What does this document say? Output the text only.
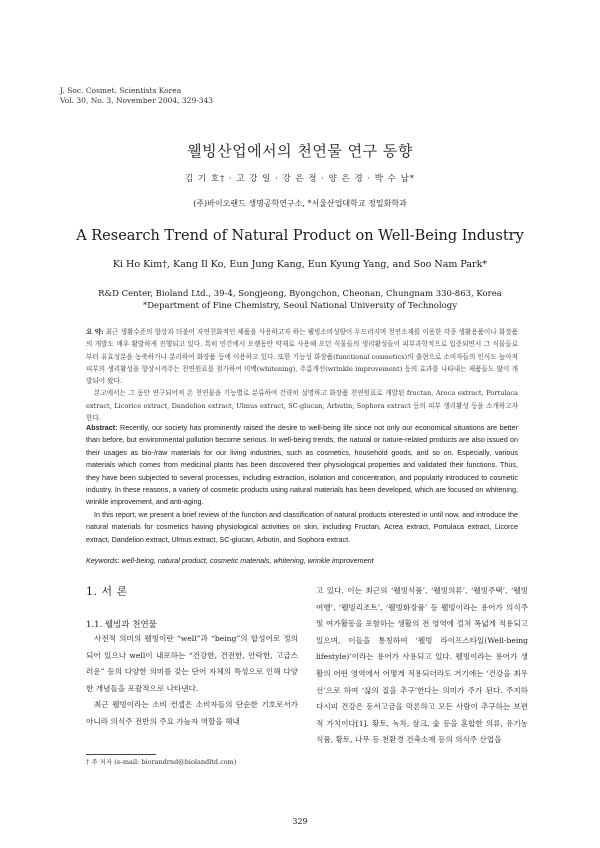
J. Soc. Cosmet. Scientists Korea
Vol. 30, No. 3, November 2004, 329-343
웰빙산업에서의 천연물 연구 동향
김 기 호† · 고 강 일 · 강 은 정 · 양 은 경 · 박 수 남*
(주)바이오랜드 생명공학연구소, *서울산업대학교 정밀화학과
A Research Trend of Natural Product on Well-Being Industry
Ki Ho Kim†, Kang Il Ko, Eun Jung Kang, Eun Kyung Yang, and Soo Nam Park*
R&D Center, Bioland Ltd., 39-4, Songjeong, Byongchon, Cheonan, Chungnam 330-863, Korea
*Department of Fine Chemistry, Seoul National University of Technology

요 약: 최근 생활수준의 향상과 더불어 자연친화적인 제품을 사용하고자 하는 웰빙소비성향이 두드러지며 천연소재를 이용한 각종 생활용품이나 화장품의 개발도 매우 활발하게 진행되고 있다. 특히 민간에서 오랫동안 약재로 사용해 오던 식물들의 생리활성들이 피부과학적으로 입증되면서 그 식물들로부터 유효성분을 농축하거나 분리하여 화장품 등에 이용하고 있다. 또한 기능성 화장품(functional cosmetics)의 출현으로 소비자들의 인식도 높아져 피부의 생리활성을 향상시켜주는 천연원료를 첨가하여 미백(whitening), 주름개선(wrinkle improvement) 등의 효과를 나타내는 제품들도 많이 개발되어 왔다.

본고에서는 그 동안 연구되어져 온 천연물을 기능별로 분류하여 간략히 설명하고 화장품 천연원료로 개발된 fructan, Areca extract, Portulaca extract, Licorice extract, Dandelion extract, Ulmus extract, SC-glucan, Arbutin, Sophora extract 등의 피부 생리활성 등을 소개하고자 한다.

Abstract: Recently, our society has prominently raised the desire to well-being life since not only our economical situations are better than before, but environmental pollution become serious. In well-being trends, the natural or nature-related products are also issued on their usages as bio-/raw materials for our living industries, such as cosmetics, household goods, and so on. Especially, various materials which comes from medicinal plants has been discovered their physiological properties and validated their functions. Thus, they have been subjected to several processes, including extraction, isolation and concentration, and popularly introduced to cosmetic industry. In these reasons, a variety of cosmetic products using natural materials has been developed, which are focused on whitening, wrinkle improvement, and anti-aging.

In this report, we present a brief review of the function and classification of natural products interested in until now, and introduce the natural materials for cosmetics having physiological activities on skin, including Fructan, Acrea extract, Portulaca extract, Licorce extract, Dandelion extract, Ulmus extract, SC-glucan, Arbutin, and Sophora extract.

Keywords: well-being, natural product, cosmetic materials, whitening, wrinkle improvement
1. 서 론
1.1. 웰빙과 천연물

사전적 의미의 웰빙이란 “well”과 “being”의 합성어로 정의되어 있으나 well이 내포하는 “건강한, 건전한, 안락한, 고급스러운” 등의 다양한 의미를 갖는 단어 자체의 특성으로 인해 다양한 개념들을 포괄적으로 나타낸다.

최근 웰빙이라는 소비 컨셉은 소비자들의 단순한 기호로서가 아니라 의식주 전반의 주요 가늠자 역할을 해내

고 있다. 이는 최근의 ‘웰빙식품’, ‘웰빙의류’, ‘웰빙주택’, ‘웰빙여행’, ‘웰빙리조트’, ‘웰빙화장품’ 등 웰빙이라는 용어가 의식주 및 여가활동을 포함하는 생활의 전 영역에 걸쳐 폭넓게 적용되고 있으며, 이들을 통칭하여 ‘웰빙 라이프스타일(Well-being lifestyle)’이라는 용어가 사용되고 있다. 웰빙이라는 용어가 생활의 어떤 영역에서 어떻게 적용되더라도 거기에는 ‘건강을 최우선’으로 하여 ‘삶의 질을 추구’한다는 의미가 주가 된다. 주지하다시피 건강은 동서고금을 막론하고 모든 사람이 추구하는 보편적 가치이다[1]. 황토, 녹차, 삼크, 숯 등을 혼합한 의류, 유기농 식품, 황토, 나무 등 천환경 건축소재 등의 의식주 산업을

† 주 저자 (e-mail: biorandrnd@biolandltd.com)
329
